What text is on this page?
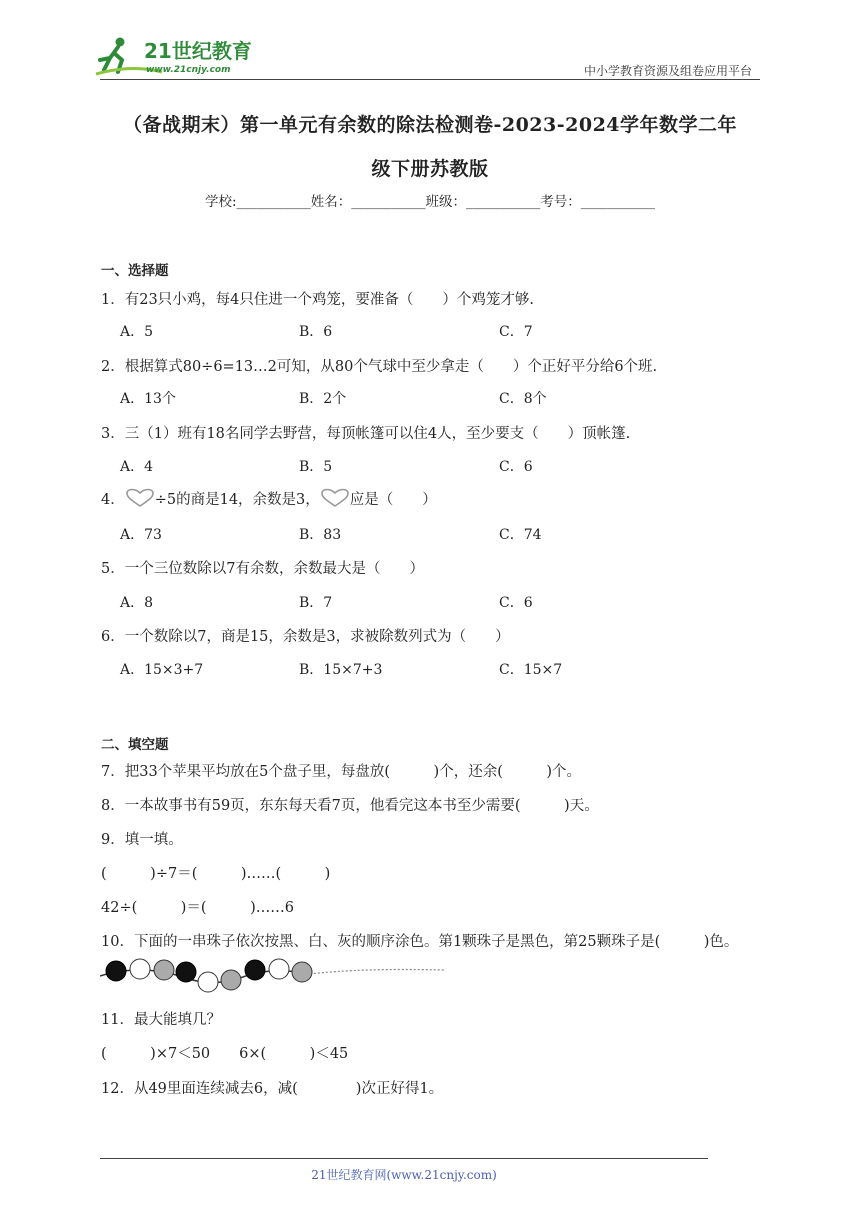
21世纪教育
www.21cnjy.com	中小学教育资源及组卷应用平台
（备战期末）第一单元有余数的除法检测卷-2023-2024学年数学二年
级下册苏教版
学校:___________姓名：___________班级：___________考号：___________
一、选择题
1．有23只小鸡，每4只住进一个鸡笼，要准备（　　）个鸡笼才够.
A．5	B．6	C．7
2．根据算式80÷6=13…2可知，从80个气球中至少拿走（　　）个正好平分给6个班.
A．13个	B．2个	C．8个
3．三（1）班有18名同学去野营，每顶帐篷可以住4人，至少要支（　　）顶帐篷.
A．4	B．5	C．6
4． ÷5的商是14，余数是3， 应是（　　）
A．73	B．83	C．74
5．一个三位数除以7有余数，余数最大是（　　）
A．8	B．7	C．6
6．一个数除以7，商是15，余数是3，求被除数列式为（　　）
A．15×3+7	B．15×7+3	C．15×7
二、填空题
7．把33个苹果平均放在5个盘子里，每盘放(　　　)个，还余(　　　)个。
8．一本故事书有59页，东东每天看7页，他看完这本书至少需要(　　　)天。
9．填一填。
(　　　)÷7＝(　　　)……(　　　)
42÷(　　　)＝(　　　)……6
10．下面的一串珠子依次按黑、白、灰的顺序涂色。第1颗珠子是黑色，第25颗珠子是(　　　)色。
11．最大能填几？
(　　　)×7＜50　　6×(　　　)＜45
12．从49里面连续减去6，减(　　　　)次正好得1。
21世纪教育网(www.21cnjy.com)
